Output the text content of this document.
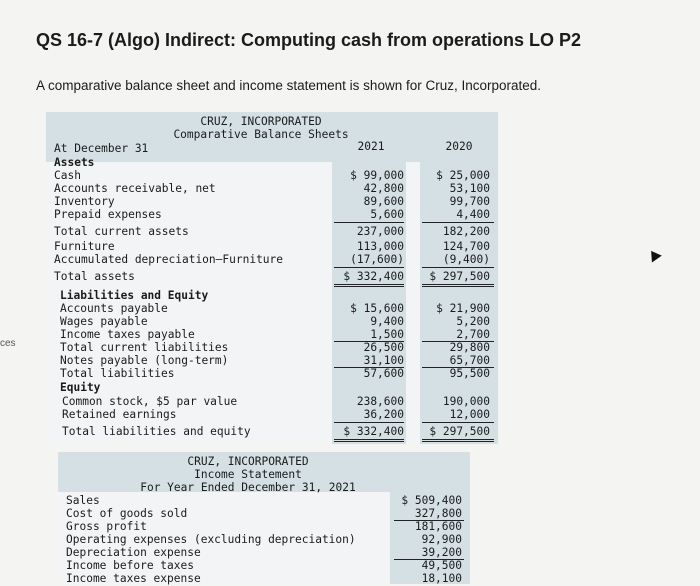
ces
QS 16-7 (Algo) Indirect: Computing cash from operations LO P2
A comparative balance sheet and income statement is shown for Cruz, Incorporated.
CRUZ, INCORPORATED
Comparative Balance Sheets
At December 31	2021	2020
Assets
Cash	$ 99,000	$ 25,000
Accounts receivable, net	42,800	53,100
Inventory	89,600	99,700
Prepaid expenses	5,600	4,400
Total current assets	237,000	182,200
Furniture	113,000	124,700
Accumulated depreciation–Furniture	(17,600)	(9,400)
Total assets	$ 332,400	$ 297,500
Liabilities and Equity
Accounts payable	$ 15,600	$ 21,900
Wages payable	9,400	5,200
Income taxes payable	1,500	2,700
Total current liabilities	26,500	29,800
Notes payable (long-term)	31,100	65,700
Total liabilities	57,600	95,500
Equity
Common stock, $5 par value	238,600	190,000
Retained earnings	36,200	12,000
Total liabilities and equity	$ 332,400	$ 297,500
CRUZ, INCORPORATED
Income Statement
For Year Ended December 31, 2021
Sales	$ 509,400
Cost of goods sold	327,800
Gross profit	181,600
Operating expenses (excluding depreciation)	92,900
Depreciation expense	39,200
Income before taxes	49,500
Income taxes expense	18,100
